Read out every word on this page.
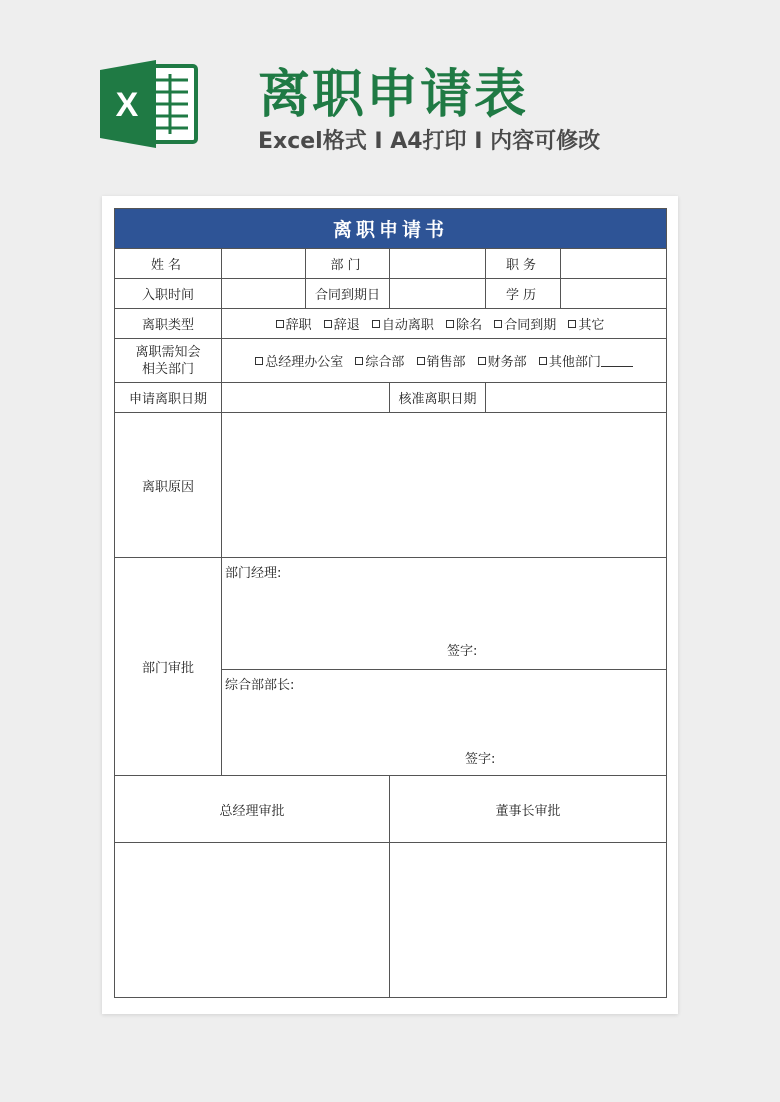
X 离职申请表
Excel格式 I A4打印 I 内容可修改
离职申请书					
姓名		部门		职务	
入职时间		合同到期日		学历	
离职类型	辞职 辞退 自动离职 除名 合同到期 其它				
离职需知会
相关部门	总经理办公室 综合部 销售部 财务部 其他部门				
申请离职日期			核准离职日期		
离职原因					
部门审批	部门经理:
签字:				

	综合部部长:
签字:				

总经理审批			董事长审批		
